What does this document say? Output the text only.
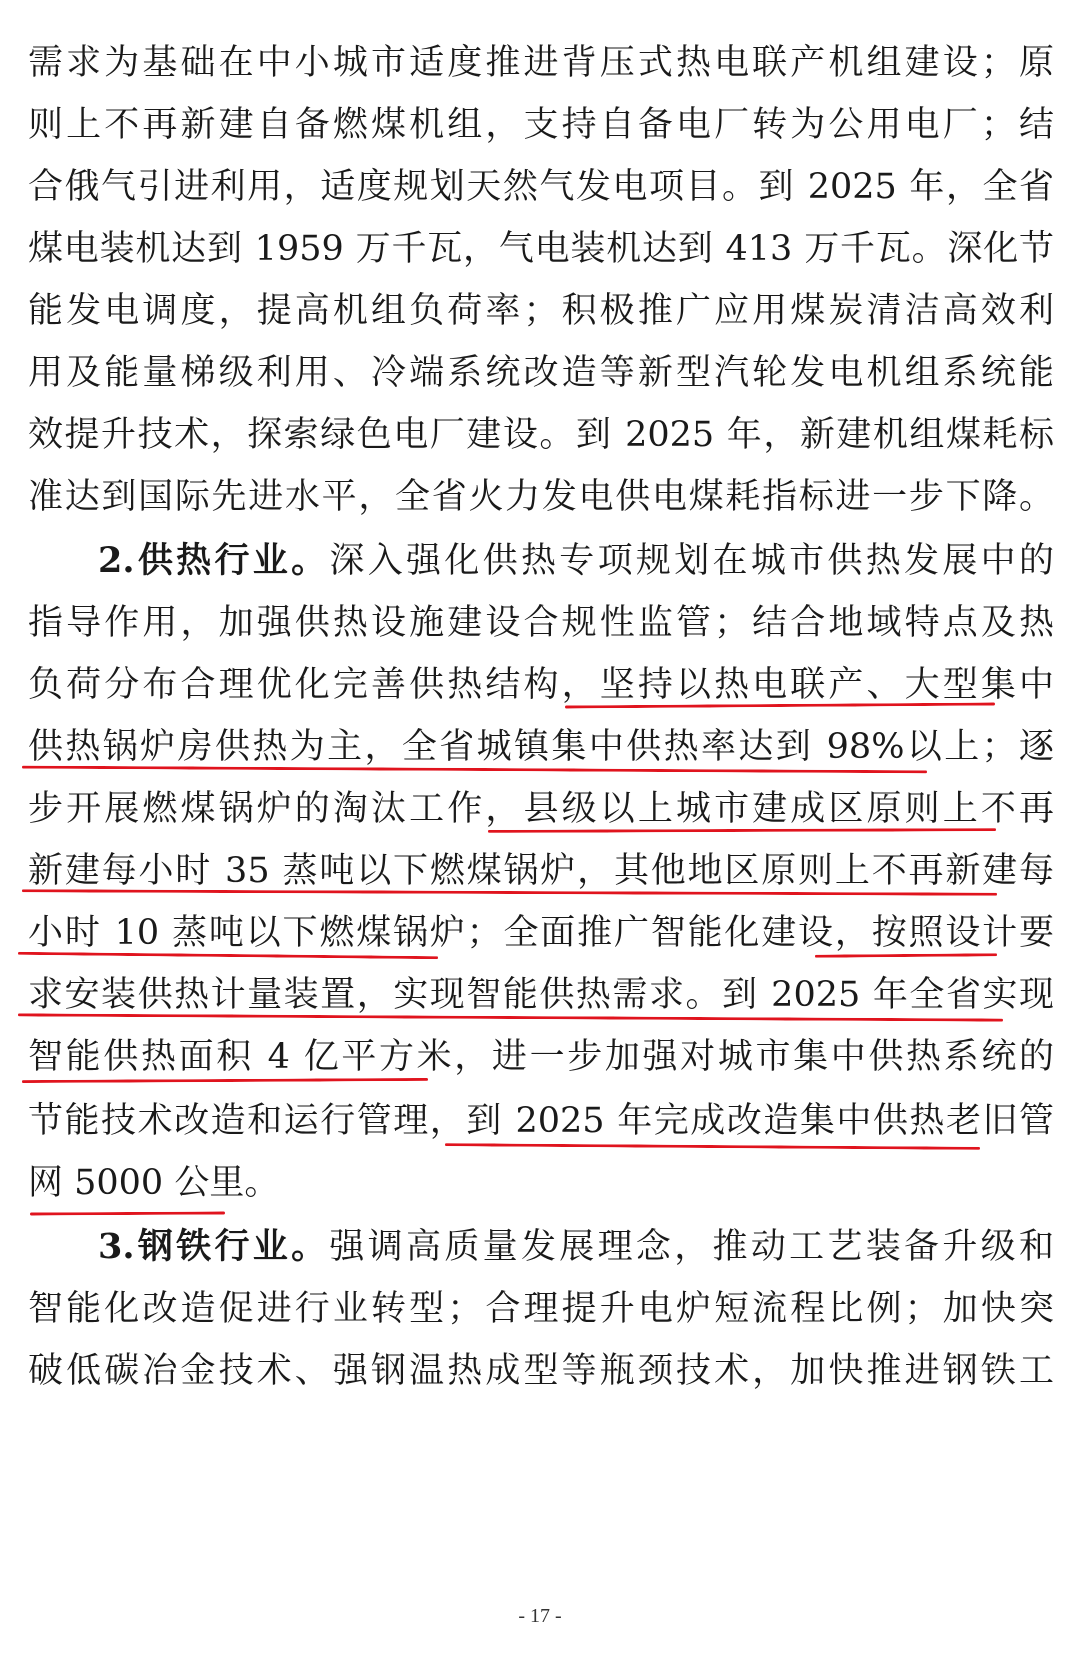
需求为基础在中小城市适度推进背压式热电联产机组建设；原
则上不再新建自备燃煤机组，支持自备电厂转为公用电厂；结
合俄气引进利用，适度规划天然气发电项目。到 2025 年，全省
煤电装机达到 1959 万千瓦，气电装机达到 413 万千瓦。深化节
能发电调度，提高机组负荷率；积极推广应用煤炭清洁高效利
用及能量梯级利用、冷端系统改造等新型汽轮发电机组系统能
效提升技术，探索绿色电厂建设。到 2025 年，新建机组煤耗标
准达到国际先进水平，全省火力发电供电煤耗指标进一步下降。
2.供热行业。深入强化供热专项规划在城市供热发展中的
指导作用，加强供热设施建设合规性监管；结合地域特点及热
负荷分布合理优化完善供热结构，坚持以热电联产、大型集中
供热锅炉房供热为主，全省城镇集中供热率达到 98%以上；逐
步开展燃煤锅炉的淘汰工作，县级以上城市建成区原则上不再
新建每小时 35 蒸吨以下燃煤锅炉，其他地区原则上不再新建每
小时 10 蒸吨以下燃煤锅炉；全面推广智能化建设，按照设计要
求安装供热计量装置，实现智能供热需求。到 2025 年全省实现
智能供热面积 4 亿平方米，进一步加强对城市集中供热系统的
节能技术改造和运行管理，到 2025 年完成改造集中供热老旧管
网 5000 公里。
3.钢铁行业。强调高质量发展理念，推动工艺装备升级和
智能化改造促进行业转型；合理提升电炉短流程比例；加快突
破低碳冶金技术、强钢温热成型等瓶颈技术，加快推进钢铁工
- 17 -
